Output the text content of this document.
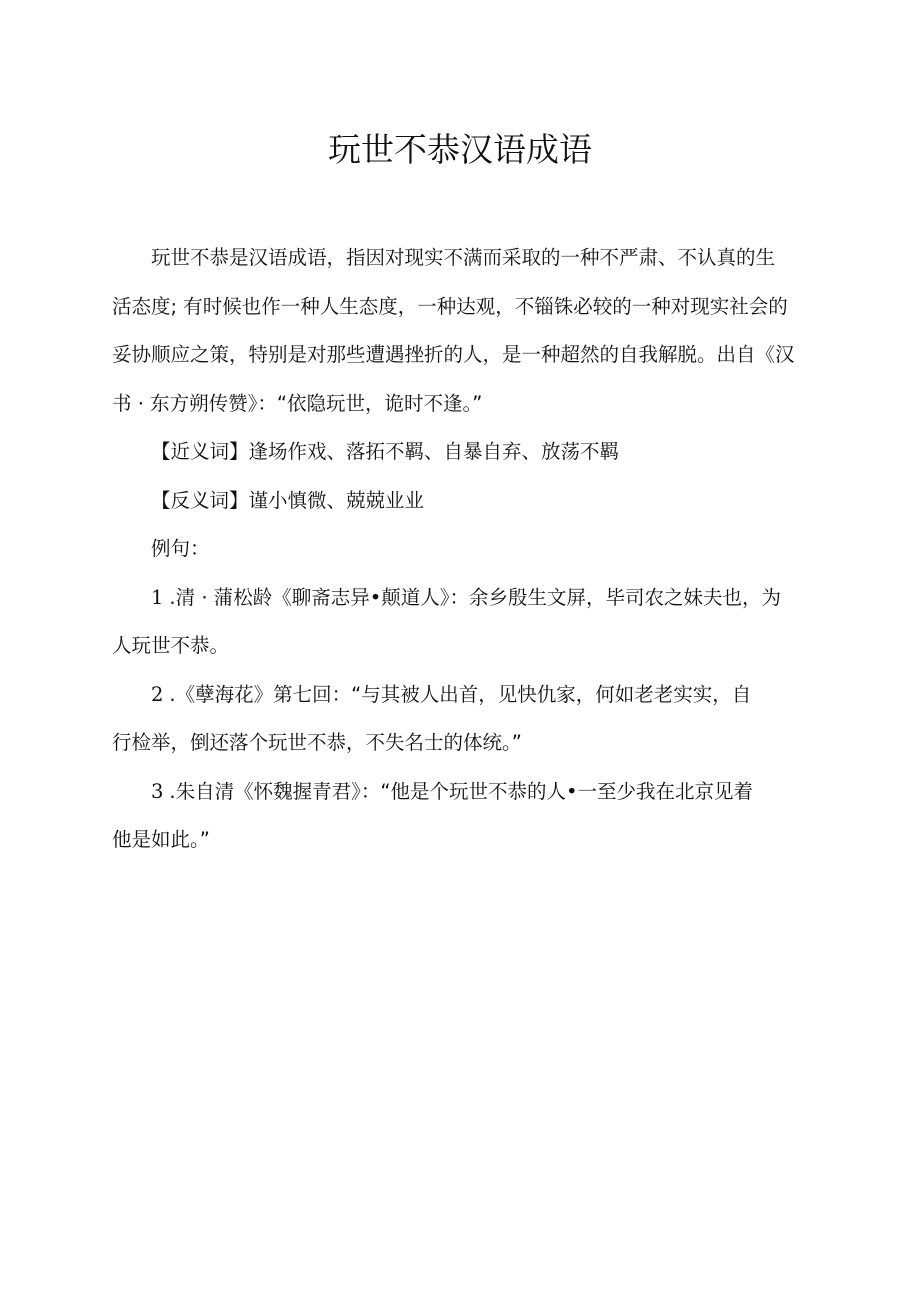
玩世不恭汉语成语
玩世不恭是汉语成语，指因对现实不满而采取的一种不严肃、不认真的生
活态度; 有时候也作一种人生态度，一种达观，不锱铢必较的一种对现实社会的
妥协顺应之策，特别是对那些遭遇挫折的人，是一种超然的自我解脱。出自《汉
书 · 东方朔传赞》：“依隐玩世，诡时不逢。”
【近义词】逢场作戏、落拓不羁、自暴自弃、放荡不羁
【反义词】谨小慎微、兢兢业业
例句：
1 .清 · 蒲松龄《聊斋志异•颠道人》：余乡殷生文屏，毕司农之妹夫也，为
人玩世不恭。
2 .《孽海花》第七回：“与其被人出首，见快仇家，何如老老实实，自
行检举，倒还落个玩世不恭，不失名士的体统。”
3 .朱自清《怀魏握青君》：“他是个玩世不恭的人•一至少我在北京见着
他是如此。”
